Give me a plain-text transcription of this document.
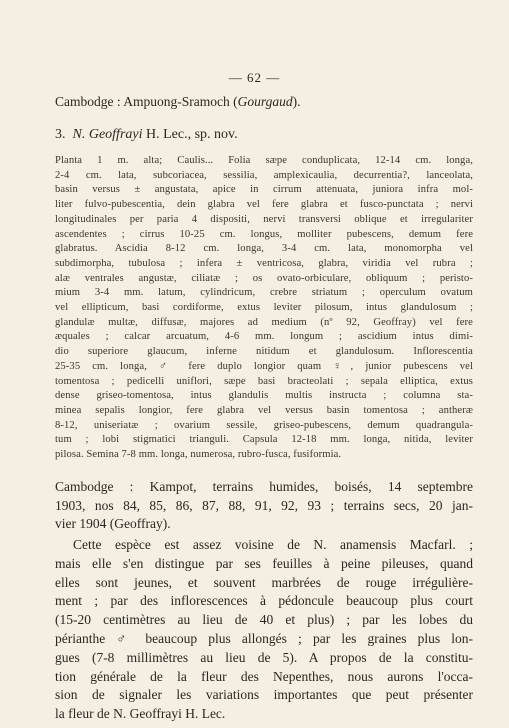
— 62 —
Cambodge : Ampuong-Sramoch (Gourgaud).
3. N. Geoffrayi H. Lec., sp. nov.
Planta 1 m. alta; Caulis... Folia sæpe conduplicata, 12-14 cm. longa,
2-4 cm. lata, subcoriacea, sessilia, amplexicaulia, decurrentia?, lanceolata,
basin versus ± angustata, apice in cirrum attenuata, juniora infra mol-
liter fulvo-pubescentia, dein glabra vel fere glabra et fusco-punctata ; nervi
longitudinales per paria 4 dispositi, nervi transversi oblique et irregulariter
ascendentes ; cirrus 10-25 cm. longus, molliter pubescens, demum fere
glabratus. Ascidia 8-12 cm. longa, 3-4 cm. lata, monomorpha vel
subdimorpha, tubulosa ; infera ± ventricosa, glabra, viridia vel rubra ;
alæ ventrales angustæ, ciliatæ ; os ovato-orbiculare, obliquum ; peristo-
mium 3-4 mm. latum, cylindricum, crebre striatum ; operculum ovatum
vel ellipticum, basi cordiforme, extus leviter pilosum, intus glandulosum ;
glandulæ multæ, diffusæ, majores ad medium (nº 92, Geoffray) vel fere
æquales ; calcar arcuatum, 4-6 mm. longum ; ascidium intus dimi-
dio superiore glaucum, inferne nitidum et glandulosum. Inflorescentia
25-35 cm. longa, ♂ fere duplo longior quam ♀, junior pubescens vel
tomentosa ; pedicelli uniflori, sæpe basi bracteolati ; sepala elliptica, extus
dense griseo-tomentosa, intus glandulis multis instructa ; columna sta-
minea sepalis longior, fere glabra vel versus basin tomentosa ; antheræ
8-12, uniseriatæ ; ovarium sessile, griseo-pubescens, demum quadrangula-
tum ; lobi stigmatici trianguli. Capsula 12-18 mm. longa, nitida, leviter
pilosa. Semina 7-8 mm. longa, numerosa, rubro-fusca, fusiformia.
Cambodge : Kampot, terrains humides, boisés, 14 septembre
1903, nos 84, 85, 86, 87, 88, 91, 92, 93 ; terrains secs, 20 jan-
vier 1904 (Geoffray).
Cette espèce est assez voisine de N. anamensis Macfarl. ;
mais elle s'en distingue par ses feuilles à peine pileuses, quand
elles sont jeunes, et souvent marbrées de rouge irrégulière-
ment ; par des inflorescences à pédoncule beaucoup plus court
(15-20 centimètres au lieu de 40 et plus) ; par les lobes du
périanthe ♂ beaucoup plus allongés ; par les graines plus lon-
gues (7-8 millimètres au lieu de 5). A propos de la constitu-
tion générale de la fleur des Nepenthes, nous aurons l'occa-
sion de signaler les variations importantes que peut présenter
la fleur de N. Geoffrayi H. Lec.
